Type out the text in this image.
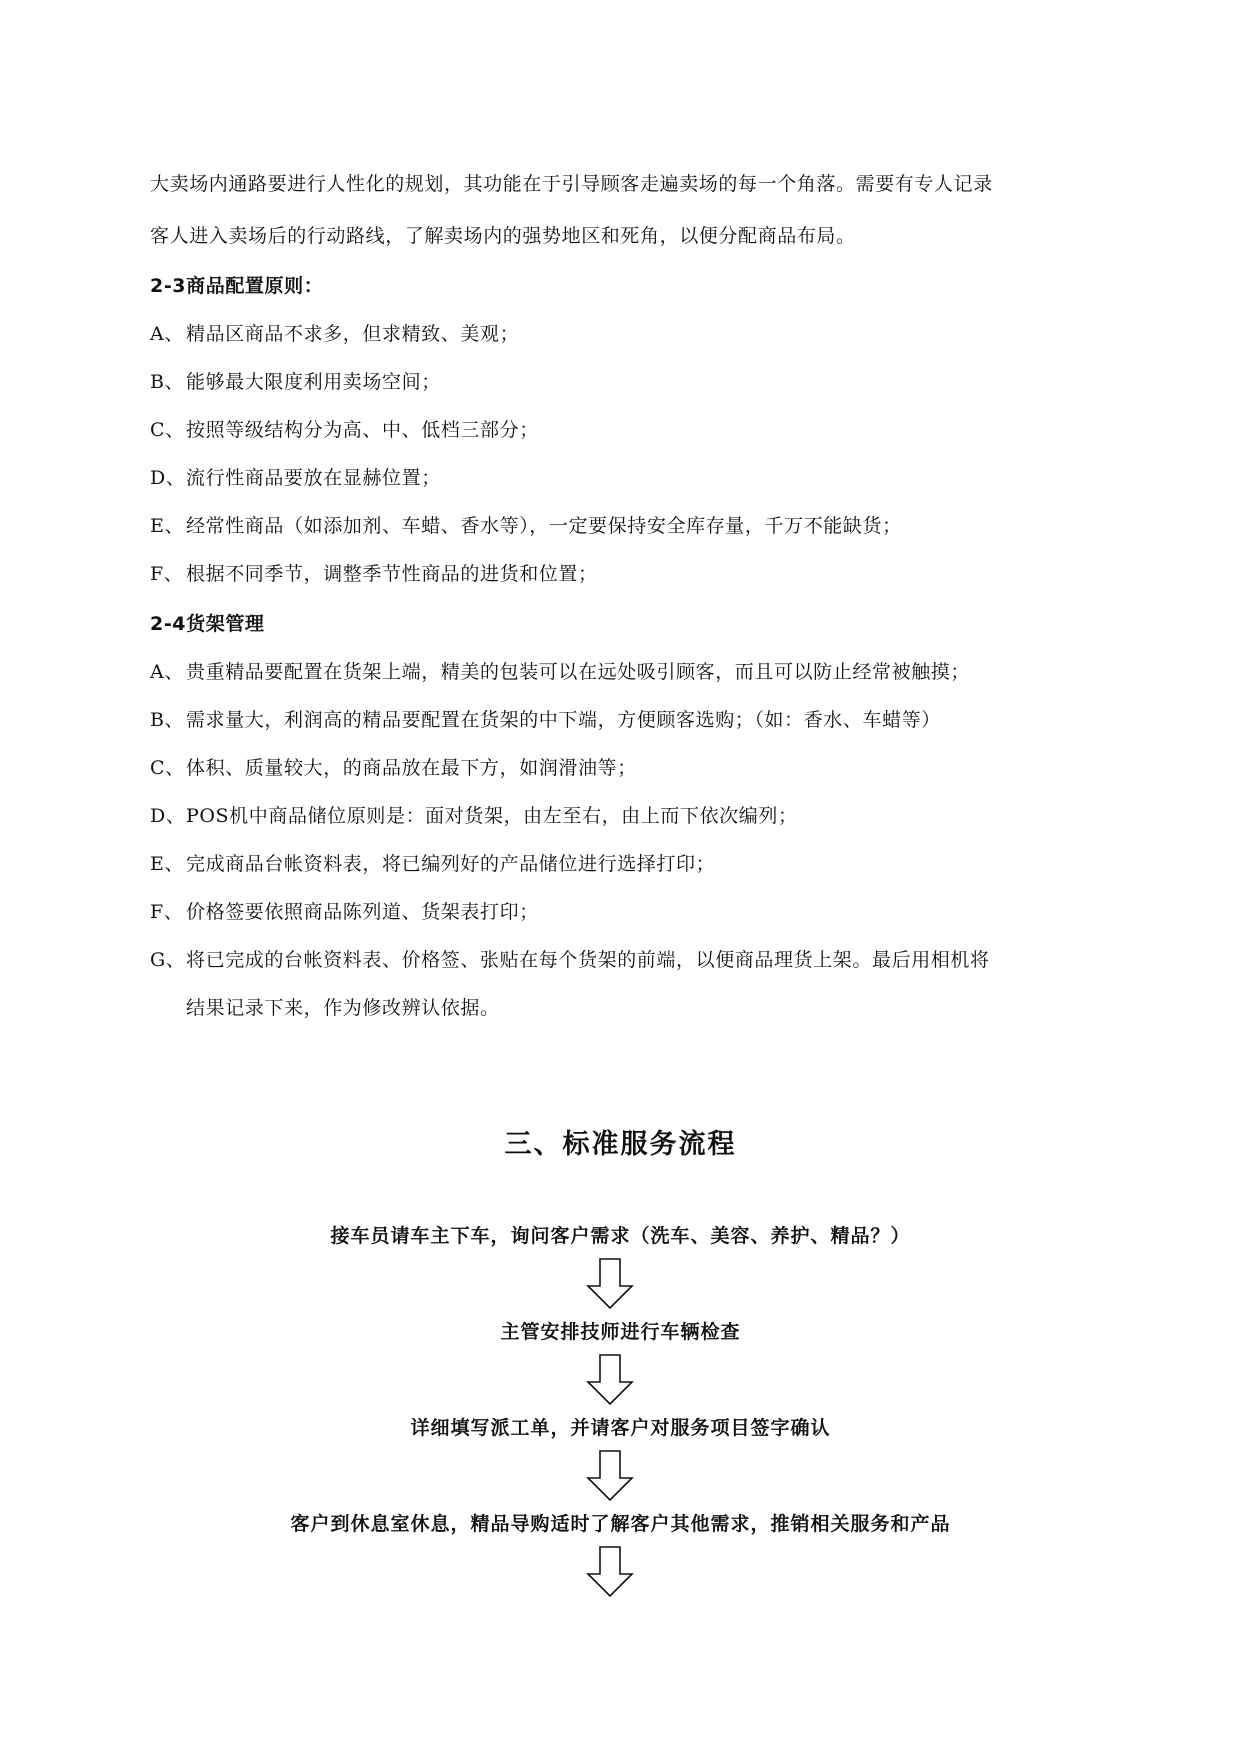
大卖场内通路要进行人性化的规划，其功能在于引导顾客走遍卖场的每一个角落。需要有专人记录
客人进入卖场后的行动路线，了解卖场内的强势地区和死角，以便分配商品布局。
2-3商品配置原则：
A、 精品区商品不求多，但求精致、美观；
B、能够最大限度利用卖场空间；
C、按照等级结构分为高、中、低档三部分；
D、流行性商品要放在显赫位置；
E、 经常性商品（如添加剂、车蜡、香水等），一定要保持安全库存量，千万不能缺货；
F、 根据不同季节，调整季节性商品的进货和位置；
2-4货架管理
A、 贵重精品要配置在货架上端，精美的包装可以在远处吸引顾客，而且可以防止经常被触摸；
B、需求量大，利润高的精品要配置在货架的中下端，方便顾客选购；（如：香水、车蜡等）
C、体积、质量较大，的商品放在最下方，如润滑油等；
D、POS机中商品储位原则是：面对货架，由左至右，由上而下依次编列；
E、 完成商品台帐资料表，将已编列好的产品储位进行选择打印；
F、 价格签要依照商品陈列道、货架表打印；
G、将已完成的台帐资料表、价格签、张贴在每个货架的前端，以便商品理货上架。最后用相机将
结果记录下来，作为修改辨认依据。
三、标准服务流程
接车员请车主下车，询问客户需求（洗车、美容、养护、精品？）
主管安排技师进行车辆检查
详细填写派工单，并请客户对服务项目签字确认
客户到休息室休息，精品导购适时了解客户其他需求，推销相关服务和产品
